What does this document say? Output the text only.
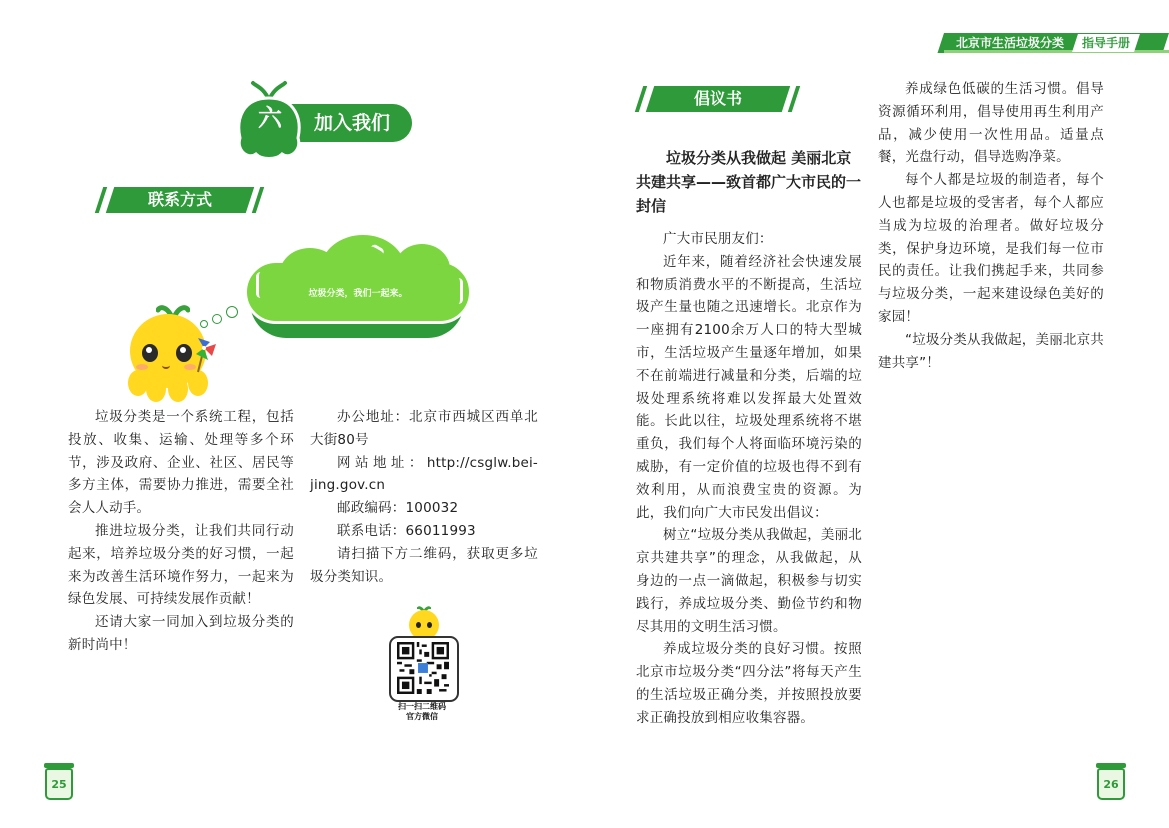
北京市生活垃圾分类	指导手册
加入我们
六
联系方式
垃圾分类，我们一起来。

垃圾分类是一个系统工程，包括投放、收集、运输、处理等多个环节，涉及政府、企业、社区、居民等多方主体，需要协力推进，需要全社会人人动手。

推进垃圾分类，让我们共同行动起来，培养垃圾分类的好习惯，一起来为改善生活环境作努力，一起来为绿色发展、可持续发展作贡献！

还请大家一同加入到垃圾分类的新时尚中！

办公地址：北京市西城区西单北大街80号

网站地址：http://csglw.bei-jing.gov.cn

邮政编码：100032

联系电话：66011993

请扫描下方二维码，获取更多垃圾分类知识。

扫一扫二维码
官方微信
25
倡议书
垃圾分类从我做起 美丽北京共建共享——致首都广大市民的一封信

广大市民朋友们：

近年来，随着经济社会快速发展和物质消费水平的不断提高，生活垃圾产生量也随之迅速增长。北京作为一座拥有2100余万人口的特大型城市，生活垃圾产生量逐年增加，如果不在前端进行减量和分类，后端的垃圾处理系统将难以发挥最大处置效能。长此以往，垃圾处理系统将不堪重负，我们每个人将面临环境污染的威胁，有一定价值的垃圾也得不到有效利用，从而浪费宝贵的资源。为此，我们向广大市民发出倡议：

树立“垃圾分类从我做起，美丽北京共建共享”的理念，从我做起，从身边的一点一滴做起，积极参与切实践行，养成垃圾分类、勤俭节约和物尽其用的文明生活习惯。

养成垃圾分类的良好习惯。按照北京市垃圾分类“四分法”将每天产生的生活垃圾正确分类，并按照投放要求正确投放到相应收集容器。

养成绿色低碳的生活习惯。倡导资源循环利用，倡导使用再生利用产品，减少使用一次性用品。适量点餐，光盘行动，倡导选购净菜。

每个人都是垃圾的制造者，每个人也都是垃圾的受害者，每个人都应当成为垃圾的治理者。做好垃圾分类，保护身边环境，是我们每一位市民的责任。让我们携起手来，共同参与垃圾分类，一起来建设绿色美好的家园！

“垃圾分类从我做起，美丽北京共建共享”！

26
